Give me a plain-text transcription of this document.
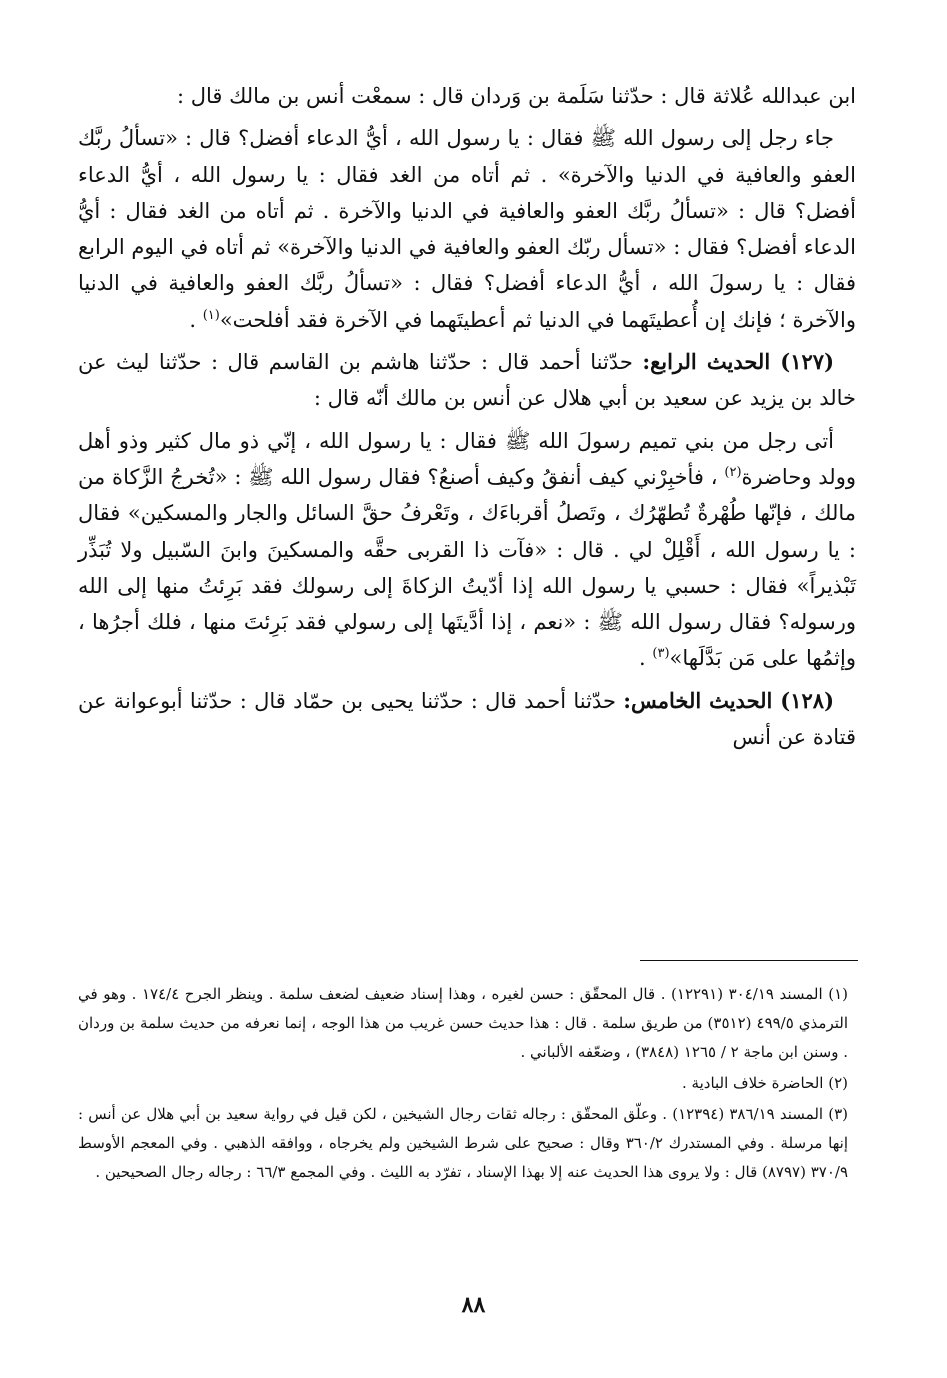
ابن عبدالله عُلاثة قال : حدّثنا سَلَمة بن وَردان قال : سمعْت أنس بن مالك قال :

جاء رجل إلى رسول الله ﷺ فقال : يا رسول الله ، أيُّ الدعاء أفضل؟ قال : «تسألُ ربَّك العفو والعافية في الدنيا والآخرة» . ثم أتاه من الغد فقال : يا رسول الله ، أيُّ الدعاء أفضل؟ قال : «تسألُ ربَّك العفو والعافية في الدنيا والآخرة . ثم أتاه من الغد فقال : أيُّ الدعاء أفضل؟ فقال : «تسأل ربّك العفو والعافية في الدنيا والآخرة» ثم أتاه في اليوم الرابع فقال : يا رسولَ الله ، أيُّ الدعاء أفضل؟ فقال : «تسألُ ربَّك العفو والعافية في الدنيا والآخرة ؛ فإنك إن أُعطيتَهما في الدنيا ثم أعطيتَهما في الآخرة فقد أفلحت»$^{(١)}$ .

(١٢٧) الحديث الرابع: حدّثنا أحمد قال : حدّثنا هاشم بن القاسم قال : حدّثنا ليث عن خالد بن يزيد عن سعيد بن أبي هلال عن أنس بن مالك أنّه قال :

أتى رجل من بني تميم رسولَ الله ﷺ فقال : يا رسول الله ، إنّي ذو مال كثير وذو أهل وولد وحاضرة$^{(٢)}$ ، فأخبِرْني كيف أنفقُ وكيف أصنعُ؟ فقال رسول الله ﷺ : «تُخرجُ الزَّكاة من مالك ، فإنّها طُهْرةٌ تُطهّرُك ، وتَصلُ أقرباءَك ، وتَعْرفُ حقَّ السائل والجار والمسكين» فقال : يا رسول الله ، أَقْلِلْ لي . قال : «فآت ذا القربى حقَّه والمسكينَ وابنَ السّبيل ولا تُبَذِّر تَبْذيراً» فقال : حسبي يا رسول الله إذا أدّيتُ الزكاةَ إلى رسولك فقد بَرِئتُ منها إلى الله ورسوله؟ فقال رسول الله ﷺ : «نعم ، إذا أدَّيتَها إلى رسولي فقد بَرِئتَ منها ، فلك أجرُها ، وإثمُها على مَن بَدَّلَها»$^{(٣)}$ .

(١٢٨) الحديث الخامس: حدّثنا أحمد قال : حدّثنا يحيى بن حمّاد قال : حدّثنا أبوعوانة عن قتادة عن أنس

(١) المسند ٣٠٤/١٩ (١٢٢٩١) . قال المحقّق : حسن لغيره ، وهذا إسناد ضعيف لضعف سلمة . وينظر الجرح ١٧٤/٤ . وهو في الترمذي ٤٩٩/٥ (٣٥١٢) من طريق سلمة . قال : هذا حديث حسن غريب من هذا الوجه ، إنما نعرفه من حديث سلمة بن وردان . وسنن ابن ماجة ٢ / ١٢٦٥ (٣٨٤٨) ، وضعّفه الألباني .

(٢) الحاضرة خلاف البادية .

(٣) المسند ٣٨٦/١٩ (١٢٣٩٤) . وعلّق المحقّق : رجاله ثقات رجال الشيخين ، لكن قيل في رواية سعيد بن أبي هلال عن أنس : إنها مرسلة . وفي المستدرك ٣٦٠/٢ وقال : صحيح على شرط الشيخين ولم يخرجاه ، ووافقه الذهبي . وفي المعجم الأوسط ٣٧٠/٩ (٨٧٩٧) قال : ولا يروى هذا الحديث عنه إلا بهذا الإسناد ، تفرّد به الليث . وفي المجمع ٦٦/٣ : رجاله رجال الصحيحين .

٨٨
